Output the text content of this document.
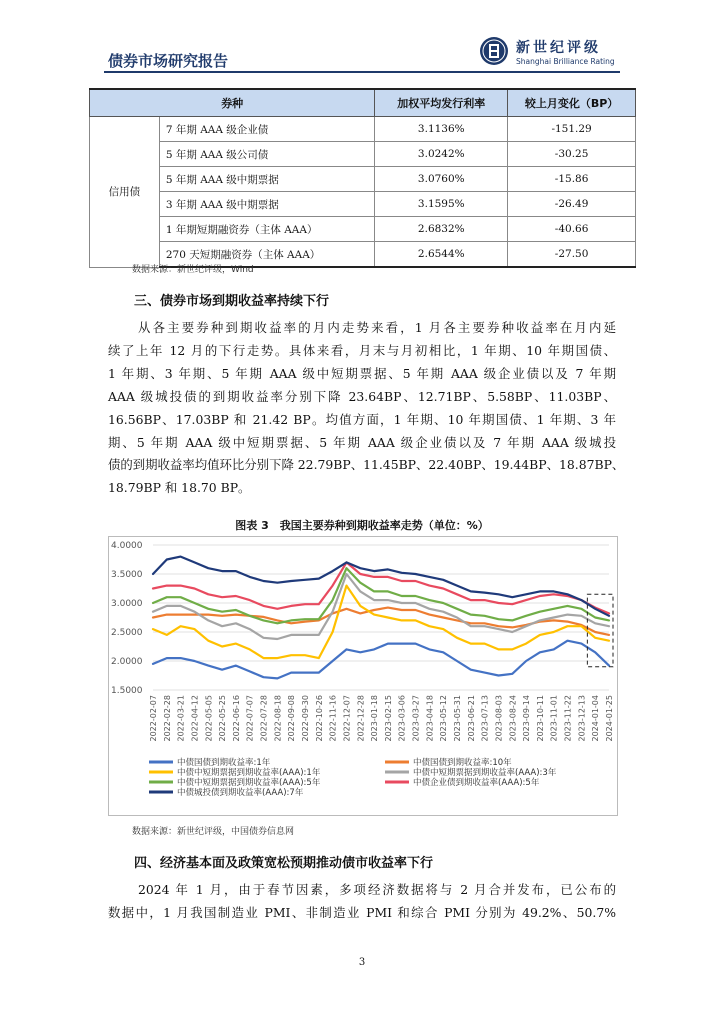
债券市场研究报告
新世纪评级
Shanghai Brilliance Rating
券种		加权平均发行利率	较上月变化（BP）
信用债	7 年期 AAA 级企业债	3.1136%	-151.29
	5 年期 AAA 级公司债	3.0242%	-30.25
	5 年期 AAA 级中期票据	3.0760%	-15.86
	3 年期 AAA 级中期票据	3.1595%	-26.49
	1 年期短期融资券（主体 AAA）	2.6832%	-40.66
	270 天短期融资券（主体 AAA）	2.6544%	-27.50
数据来源：新世纪评级，Wind
三、债券市场到期收益率持续下行
从各主要券种到期收益率的月内走势来看，1 月各主要券种收益率在月内延
续了上年 12 月的下行走势。具体来看，月末与月初相比，1 年期、10 年期国债、
1 年期、3 年期、5 年期 AAA 级中短期票据、5 年期 AAA 级企业债以及 7 年期
AAA 级城投债的到期收益率分别下降 23.64BP、12.71BP、5.58BP、11.03BP、
16.56BP、17.03BP 和 21.42 BP。均值方面，1 年期、10 年期国债、1 年期、3 年
期、5 年期 AAA 级中短期票据、5 年期 AAA 级企业债以及 7 年期 AAA 级城投
债的到期收益率均值环比分别下降 22.79BP、11.45BP、22.40BP、19.44BP、18.87BP、
18.79BP 和 18.70 BP。
图表 3　我国主要券种到期收益率走势（单位：%）
4.0000
3.5000
3.0000
2.5000
2.0000
1.5000
2022-02-07 2022-02-28 2022-03-21 2022-04-12 2022-05-05 2022-05-25 2022-06-16 2022-07-07 2022-07-28 2022-08-18 2022-09-08 2022-09-30 2022-10-26 2022-11-16 2022-12-07 2022-12-28 2023-01-18 2023-02-15 2023-03-06 2023-03-27 2023-04-18 2023-05-12 2023-05-31 2023-06-21 2023-07-13 2023-08-03 2023-08-24 2023-09-14 2023-10-11 2023-11-01 2023-11-22 2023-12-13 2024-01-04 2024-01-25
中债国债到期收益率:1年	中债国债到期收益率:10年
中债中短期票据到期收益率(AAA):1年	中债中短期票据到期收益率(AAA):3年
中债中短期票据到期收益率(AAA):5年	中债企业债到期收益率(AAA):5年
中债城投债到期收益率(AAA):7年
数据来源：新世纪评级，中国债券信息网
四、经济基本面及政策宽松预期推动债市收益率下行
2024 年 1 月，由于春节因素，多项经济数据将与 2 月合并发布，已公布的
数据中，1 月我国制造业 PMI、非制造业 PMI 和综合 PMI 分别为 49.2%、50.7%
3
